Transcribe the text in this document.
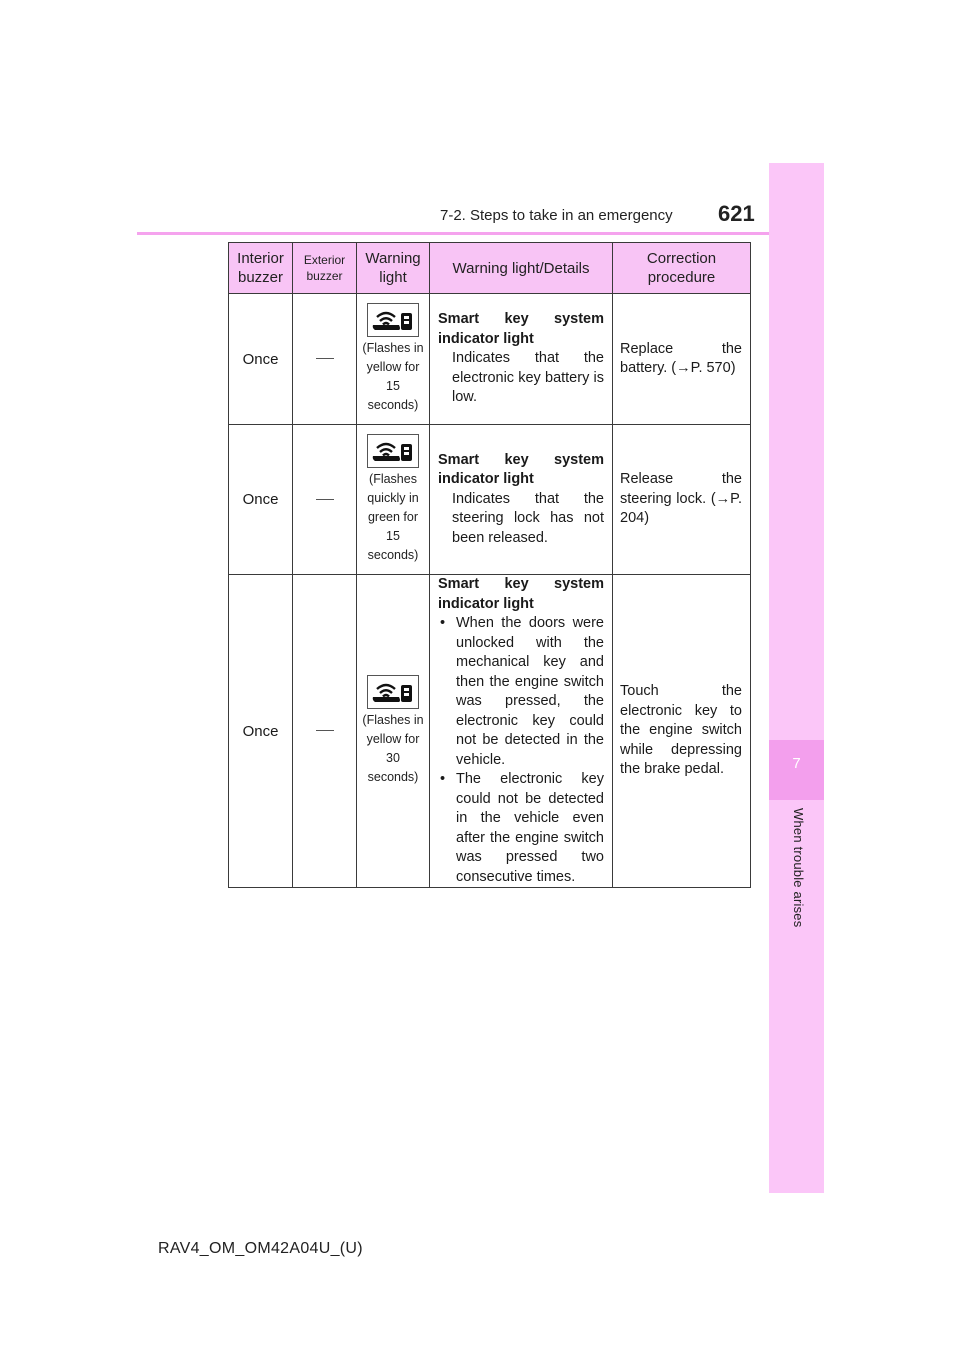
7-2. Steps to take in an emergency 621
7
When trouble arises
Interior buzzer	Exterior buzzer	Warning light	Warning light/Details	Correction procedure
Once		(Flashes in yellow for 15 seconds)	Smart key system indicator light
Indicates that the electronic key battery is low.	Replace the battery. (→P. 570)
Once		(Flashes quickly in green for 15 seconds)	Smart key system indicator light
Indicates that the steering lock has not been released.	Release the steering lock. (→P. 204)
Once		(Flashes in yellow for 30 seconds)	Smart key system indicator light
• When the doors were unlocked with the mechanical key and then the engine switch was pressed, the electronic key could not be detected in the vehicle.
• The electronic key could not be detected in the vehicle even after the engine switch was pressed two consecutive times.	Touch the electronic key to the engine switch while depressing the brake pedal.
RAV4_OM_OM42A04U_(U)
